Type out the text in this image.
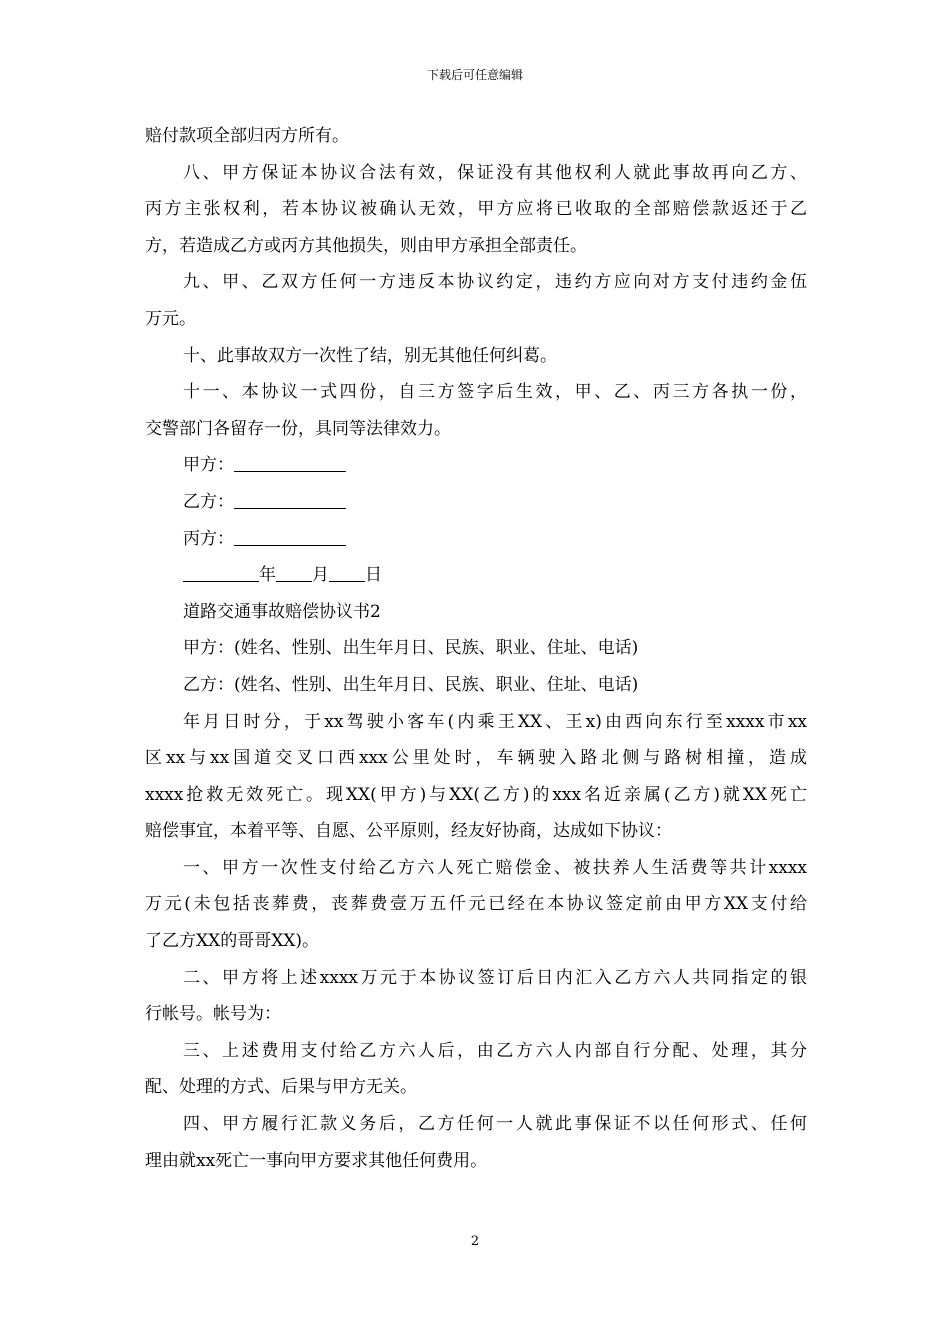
下载后可任意编辑
赔付款项全部归丙方所有。
八、甲方保证本协议合法有效，保证没有其他权利人就此事故再向乙方、
丙方主张权利，若本协议被确认无效，甲方应将已收取的全部赔偿款返还于乙
方，若造成乙方或丙方其他损失，则由甲方承担全部责任。
九、甲、乙双方任何一方违反本协议约定，违约方应向对方支付违约金伍
万元。
十、此事故双方一次性了结，别无其他任何纠葛。
十一、本协议一式四份，自三方签字后生效，甲、乙、丙三方各执一份，
交警部门各留存一份，具同等法律效力。
甲方：
乙方：
丙方：
年 月 日
道路交通事故赔偿协议书2
甲方：(姓名、性别、出生年月日、民族、职业、住址、电话)
乙方：(姓名、性别、出生年月日、民族、职业、住址、电话)
年月日时分，于xx驾驶小客车(内乘王XX、王x)由西向东行至xxxx市xx
区xx与xx国道交叉口西xxx公里处时，车辆驶入路北侧与路树相撞，造成
xxxx抢救无效死亡。现XX(甲方)与XX(乙方)的xxx名近亲属(乙方)就XX死亡
赔偿事宜，本着平等、自愿、公平原则，经友好协商，达成如下协议：
一、甲方一次性支付给乙方六人死亡赔偿金、被扶养人生活费等共计xxxx
万元(未包括丧葬费，丧葬费壹万五仟元已经在本协议签定前由甲方XX支付给
了乙方XX的哥哥XX)。
二、甲方将上述xxxx万元于本协议签订后日内汇入乙方六人共同指定的银
行帐号。帐号为：
三、上述费用支付给乙方六人后，由乙方六人内部自行分配、处理，其分
配、处理的方式、后果与甲方无关。
四、甲方履行汇款义务后，乙方任何一人就此事保证不以任何形式、任何
理由就xx死亡一事向甲方要求其他任何费用。
2
